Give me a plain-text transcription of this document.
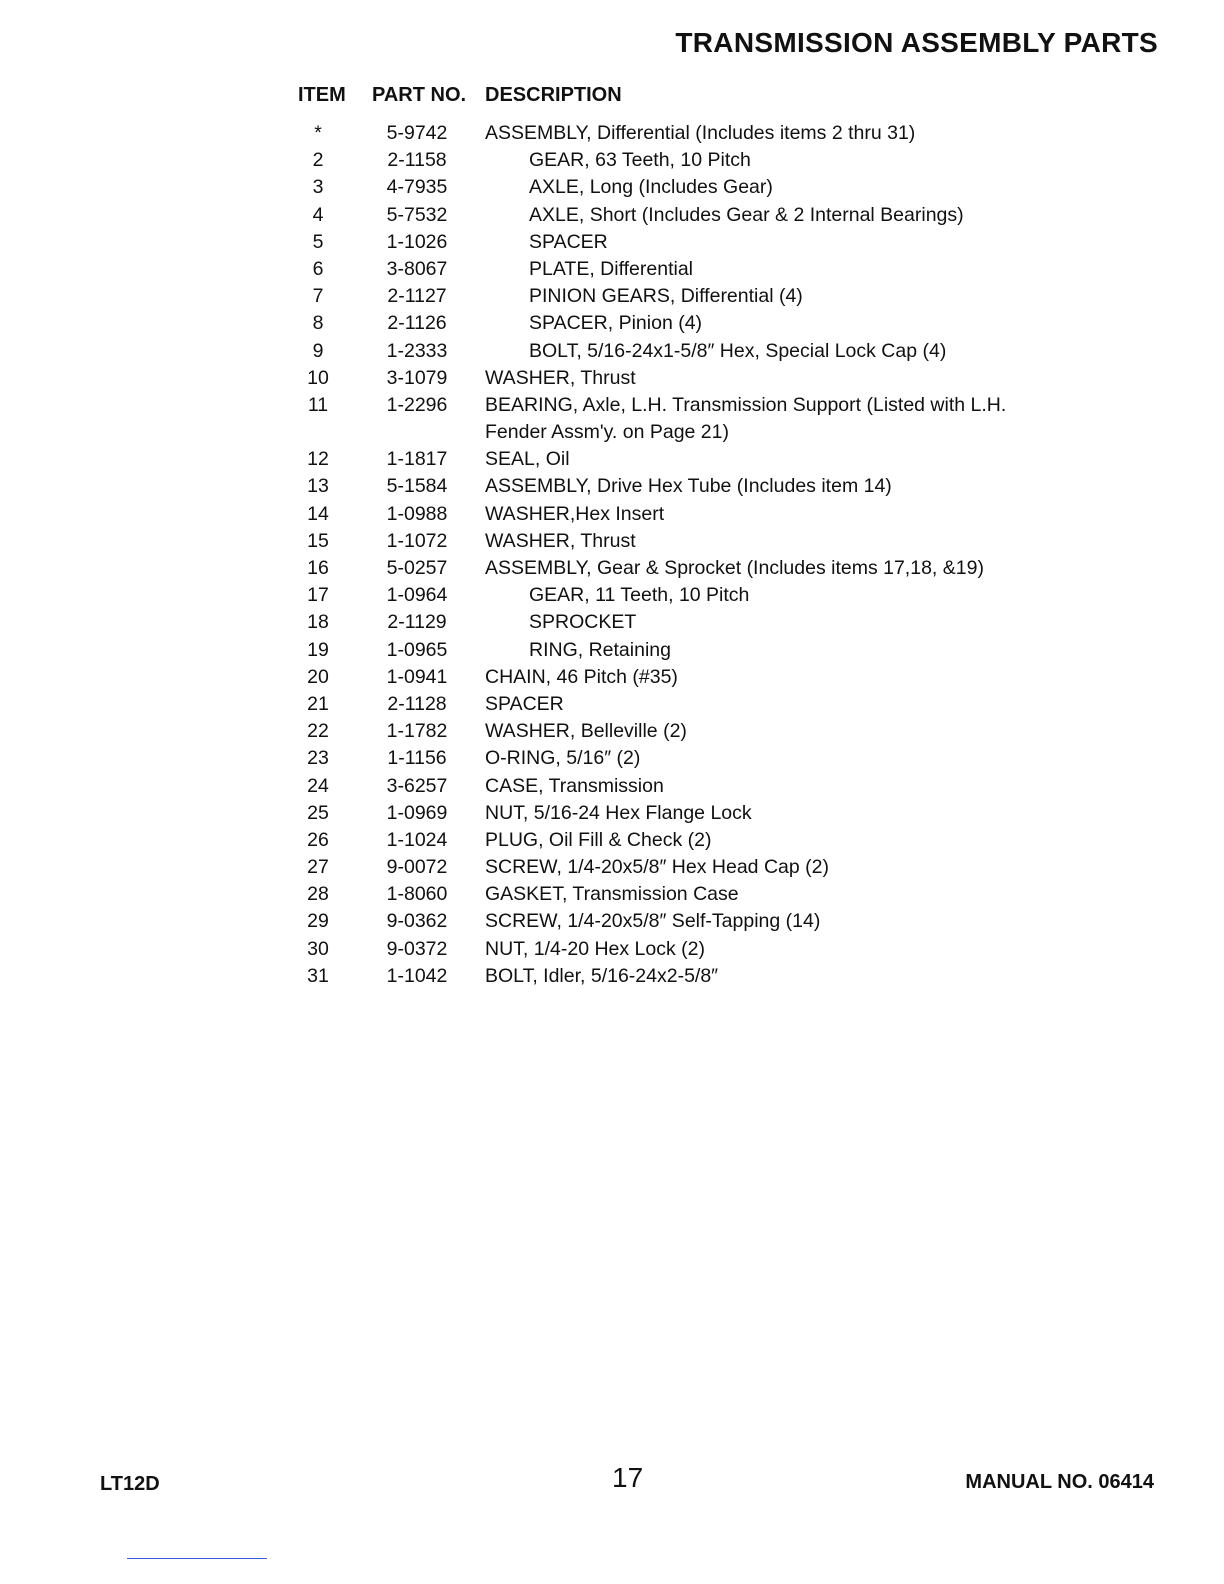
TRANSMISSION ASSEMBLY PARTS
ITEM PART NO. DESCRIPTION
*	5-9742 ASSEMBLY, Differential (Includes items 2 thru 31)
2	2-1158	GEAR, 63 Teeth, 10 Pitch
3	4-7935	AXLE, Long (Includes Gear)
4	5-7532	AXLE, Short (Includes Gear & 2 Internal Bearings)
5	1-1026	SPACER
6	3-8067	PLATE, Differential
7	2-1127	PINION GEARS, Differential (4)
8	2-1126	SPACER, Pinion (4)
9	1-2333	BOLT, 5/16-24x1-5/8″ Hex, Special Lock Cap (4)
10	3-1079 WASHER, Thrust
11	1-2296 BEARING, Axle, L.H. Transmission Support (Listed with L.H. Fender Assm'y. on Page 21)
12	1-1817 SEAL, Oil
13	5-1584 ASSEMBLY, Drive Hex Tube (Includes item 14)
14	1-0988 WASHER,Hex Insert
15	1-1072 WASHER, Thrust
16	5-0257 ASSEMBLY, Gear & Sprocket (Includes items 17,18, &19)
17	1-0964	GEAR, 11 Teeth, 10 Pitch
18	2-1129	SPROCKET
19	1-0965	RING, Retaining
20	1-0941 CHAIN, 46 Pitch (#35)
21	2-1128 SPACER
22	1-1782 WASHER, Belleville (2)
23	1-1156 O-RING, 5/16″ (2)
24	3-6257 CASE, Transmission
25	1-0969 NUT, 5/16-24 Hex Flange Lock
26	1-1024 PLUG, Oil Fill & Check (2)
27	9-0072 SCREW, 1/4-20x5/8″ Hex Head Cap (2)
28	1-8060 GASKET, Transmission Case
29	9-0362 SCREW, 1/4-20x5/8″ Self-Tapping (14)
30	9-0372 NUT, 1/4-20 Hex Lock (2)
31	1-1042 BOLT, Idler, 5/16-24x2-5/8″
LT12D	17	MANUAL NO. 06414
